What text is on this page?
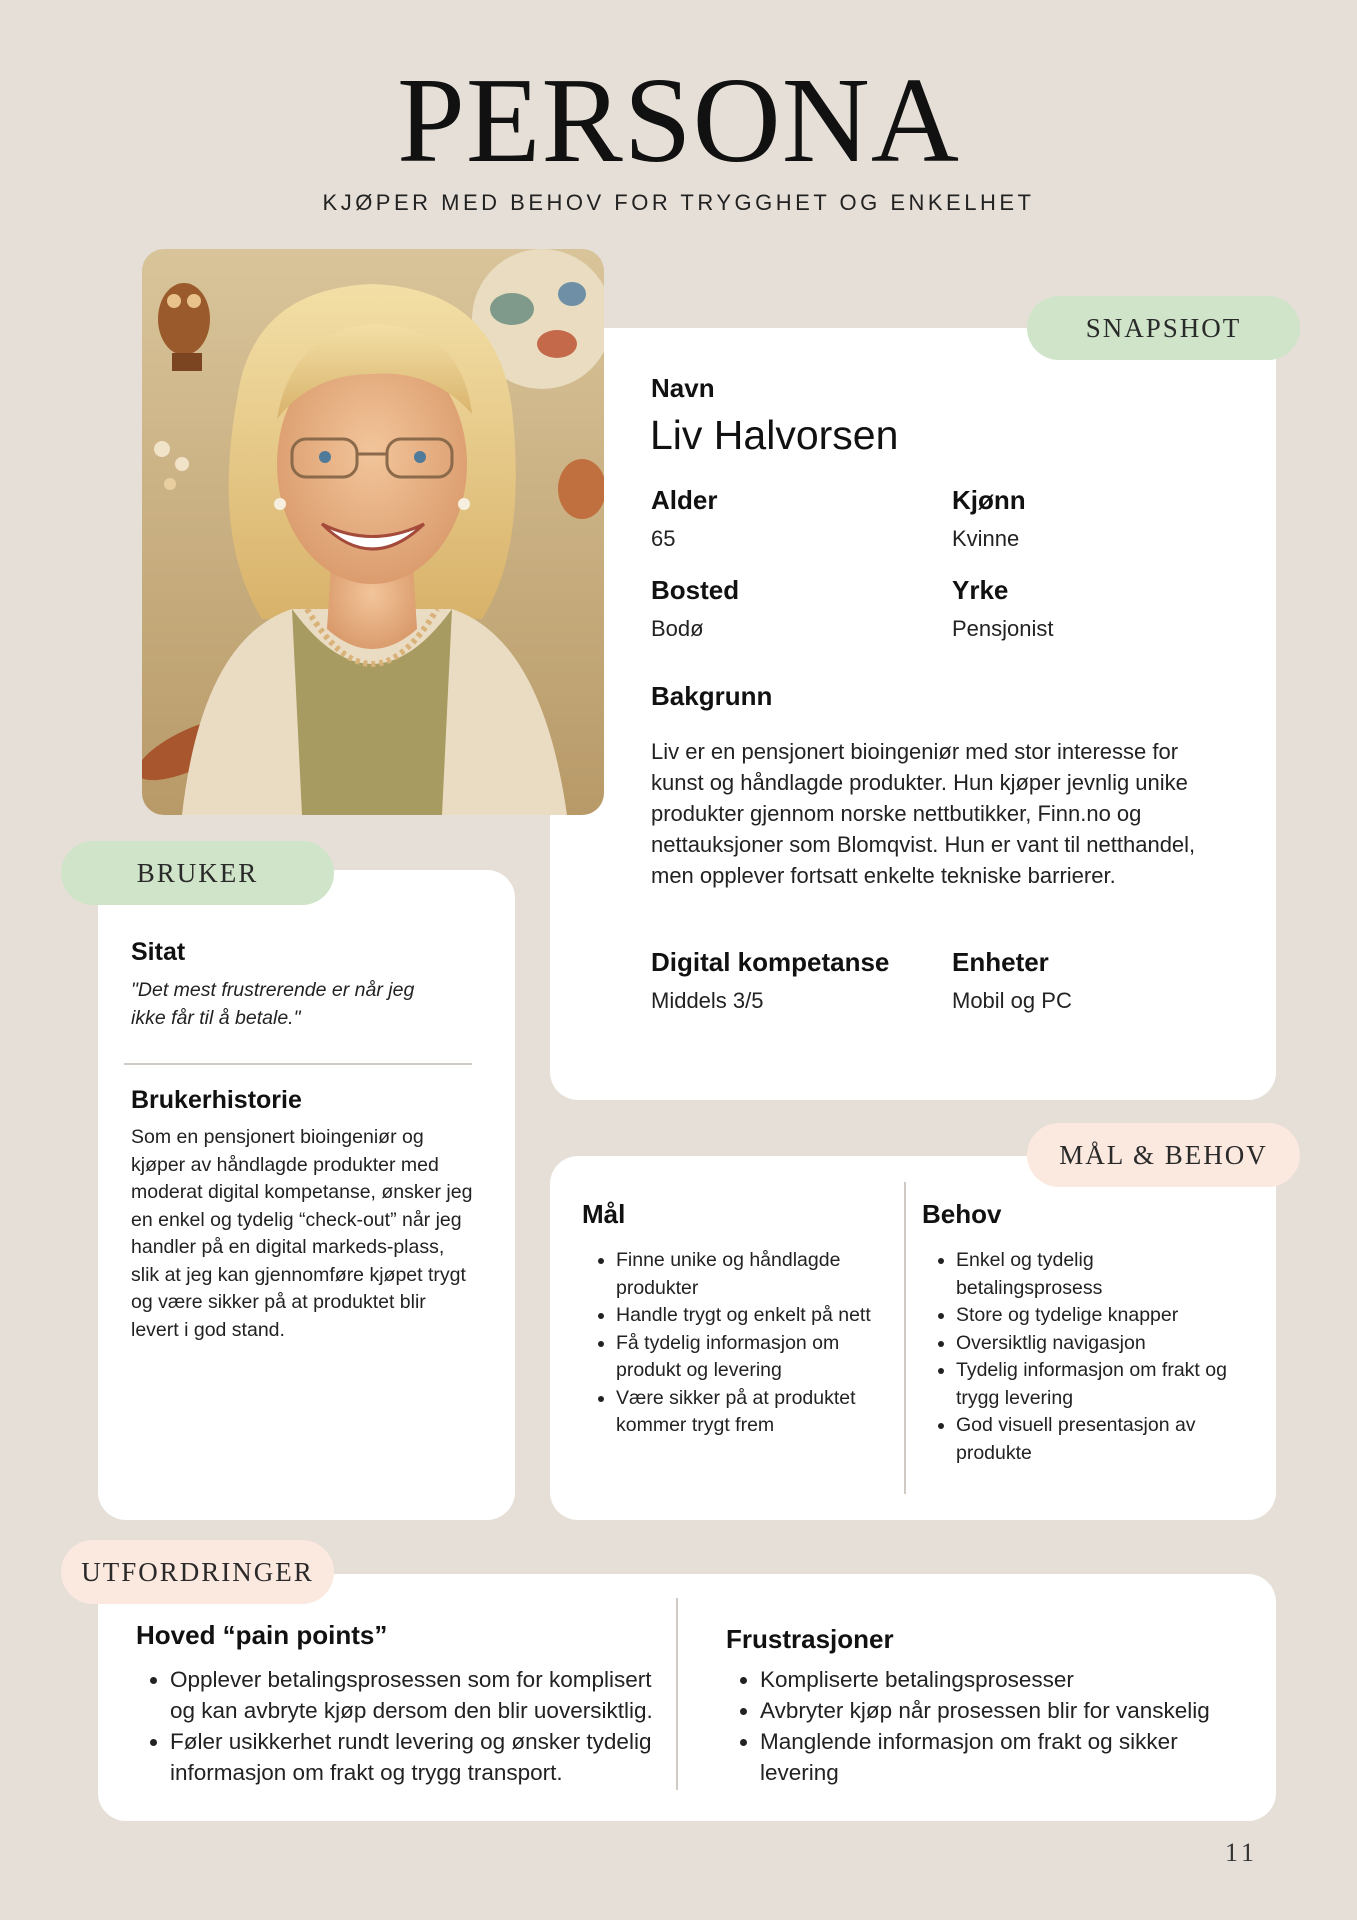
PERSONA
KJØPER MED BEHOV FOR TRYGGHET OG ENKELHET
SNAPSHOT
Navn
Liv Halvorsen
Alder
65
Kjønn
Kvinne
Bosted
Bodø
Yrke
Pensjonist
Bakgrunn
Liv er en pensjonert bioingeniør med stor interesse for kunst og håndlagde produkter. Hun kjøper jevnlig unike produkter gjennom norske nettbutikker, Finn.no og nettauksjoner som Blomqvist. Hun er vant til netthandel, men opplever fortsatt enkelte tekniske barrierer.
Digital kompetanse
Middels 3/5
Enheter
Mobil og PC
BRUKER
Sitat
"Det mest frustrerende er når jeg ikke får til å betale."
Brukerhistorie
Som en pensjonert bioingeniør og kjøper av håndlagde produkter med moderat digital kompetanse, ønsker jeg en enkel og tydelig “check-out” når jeg handler på en digital markeds-plass, slik at jeg kan gjennomføre kjøpet trygt og være sikker på at produktet blir levert i god stand.
MÅL & BEHOV
Mål
• Finne unike og håndlagde produkter
• Handle trygt og enkelt på nett
• Få tydelig informasjon om produkt og levering
• Være sikker på at produktet kommer trygt frem
Behov
• Enkel og tydelig betalingsprosess
• Store og tydelige knapper
• Oversiktlig navigasjon
• Tydelig informasjon om frakt og trygg levering
• God visuell presentasjon av produkte
UTFORDRINGER
Hoved “pain points”
• Opplever betalingsprosessen som for komplisert og kan avbryte kjøp dersom den blir uoversiktlig.
• Føler usikkerhet rundt levering og ønsker tydelig informasjon om frakt og trygg transport.
Frustrasjoner
• Kompliserte betalingsprosesser
• Avbryter kjøp når prosessen blir for vanskelig
• Manglende informasjon om frakt og sikker levering
11
